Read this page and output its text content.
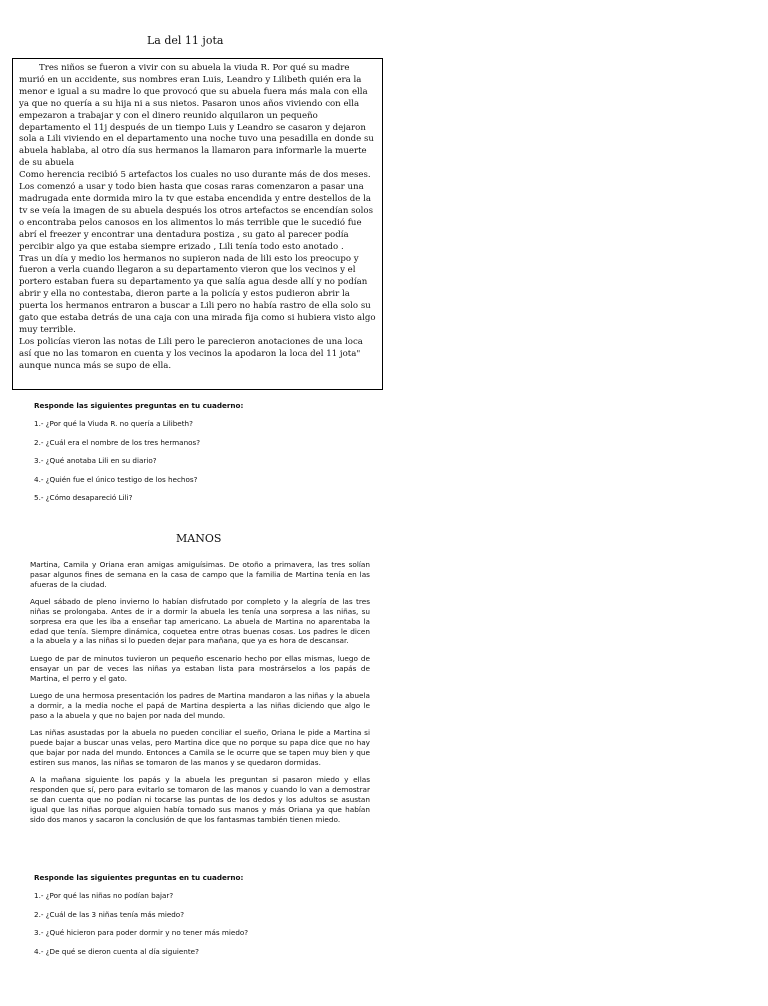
La del 11 jota

Tres niños se fueron a vivir con su abuela la viuda R. Por qué su madre murió en un accidente, sus nombres eran Luis, Leandro y Lilibeth quién era la menor e igual a su madre lo que provocó que su abuela fuera más mala con ella ya que no quería a su hija ni a sus nietos. Pasaron unos años viviendo con ella empezaron a trabajar y con el dinero reunido alquilaron un pequeño departamento el 11j después de un tiempo Luis y Leandro se casaron y dejaron sola a Lili viviendo en el departamento una noche tuvo una pesadilla en donde su abuela hablaba, al otro día sus hermanos la llamaron para informarle la muerte de su abuela

Como herencia recibió 5 artefactos los cuales no uso durante más de dos meses. Los comenzó a usar y todo bien hasta que cosas raras comenzaron a pasar una madrugada ente dormida miro la tv que estaba encendida y entre destellos de la tv se veía la imagen de su abuela después los otros artefactos se encendían solos o encontraba pelos canosos en los alimentos lo más terrible que le sucedió fue abrí el freezer y encontrar una dentadura postiza , su gato al parecer podía percibir algo ya que estaba siempre erizado , Lili tenía todo esto anotado .

Tras un día y medio los hermanos no supieron nada de lili esto los preocupo y fueron a verla cuando llegaron a su departamento vieron que los vecinos y el portero estaban fuera su departamento ya que salía agua desde allí y no podían abrir y ella no contestaba, dieron parte a la policía y estos pudieron abrir la puerta los hermanos entraron a buscar a Lili pero no había rastro de ella solo su gato que estaba detrás de una caja con una mirada fija como si hubiera visto algo muy terrible.

Los policías vieron las notas de Lili pero le parecieron anotaciones de una loca así que no las tomaron en cuenta y los vecinos la apodaron la loca del 11 jota" aunque nunca más se supo de ella.

Responde las siguientes preguntas en tu cuaderno:
1.- ¿Por qué la Viuda R. no quería a Lilibeth?
2.- ¿Cuál era el nombre de los tres hermanos?
3.- ¿Qué anotaba Lili en su diario?
4.- ¿Quién fue el único testigo de los hechos?
5.- ¿Cómo desapareció Lili?
MANOS

Martina, Camila y Oriana eran amigas amiguísimas. De otoño a primavera, las tres solían pasar algunos fines de semana en la casa de campo que la familia de Martina tenía en las afueras de la ciudad.

Aquel sábado de pleno invierno lo habían disfrutado por completo y la alegría de las tres niñas se prolongaba. Antes de ir a dormir la abuela les tenía una sorpresa a las niñas, su sorpresa era que les iba a enseñar tap americano. La abuela de Martina no aparentaba la edad que tenía. Siempre dinámica, coquetea entre otras buenas cosas. Los padres le dicen a la abuela y a las niñas si lo pueden dejar para mañana, que ya es hora de descansar.

Luego de par de minutos tuvieron un pequeño escenario hecho por ellas mismas, luego de ensayar un par de veces las niñas ya estaban lista para mostrárselos a los papás de Martina, el perro y el gato.

Luego de una hermosa presentación los padres de Martina mandaron a las niñas y la abuela a dormir, a la media noche el papá de Martina despierta a las niñas diciendo que algo le paso a la abuela y que no bajen por nada del mundo.

Las niñas asustadas por la abuela no pueden conciliar el sueño, Oriana le pide a Martina si puede bajar a buscar unas velas, pero Martina dice que no porque su papa dice que no hay que bajar por nada del mundo. Entonces a Camila se le ocurre que se tapen muy bien y que estiren sus manos, las niñas se tomaron de las manos y se quedaron dormidas.

A la mañana siguiente los papás y la abuela les preguntan si pasaron miedo y ellas responden que sí, pero para evitarlo se tomaron de las manos y cuando lo van a demostrar se dan cuenta que no podían ni tocarse las puntas de los dedos y los adultos se asustan igual que las niñas porque alguien había tomado sus manos y más Oriana ya que habían sido dos manos y sacaron la conclusión de que los fantasmas también tienen miedo.

Responde las siguientes preguntas en tu cuaderno:
1.- ¿Por qué las niñas no podían bajar?
2.- ¿Cuál de las 3 niñas tenía más miedo?
3.- ¿Qué hicieron para poder dormir y no tener más miedo?
4.- ¿De qué se dieron cuenta al día siguiente?
